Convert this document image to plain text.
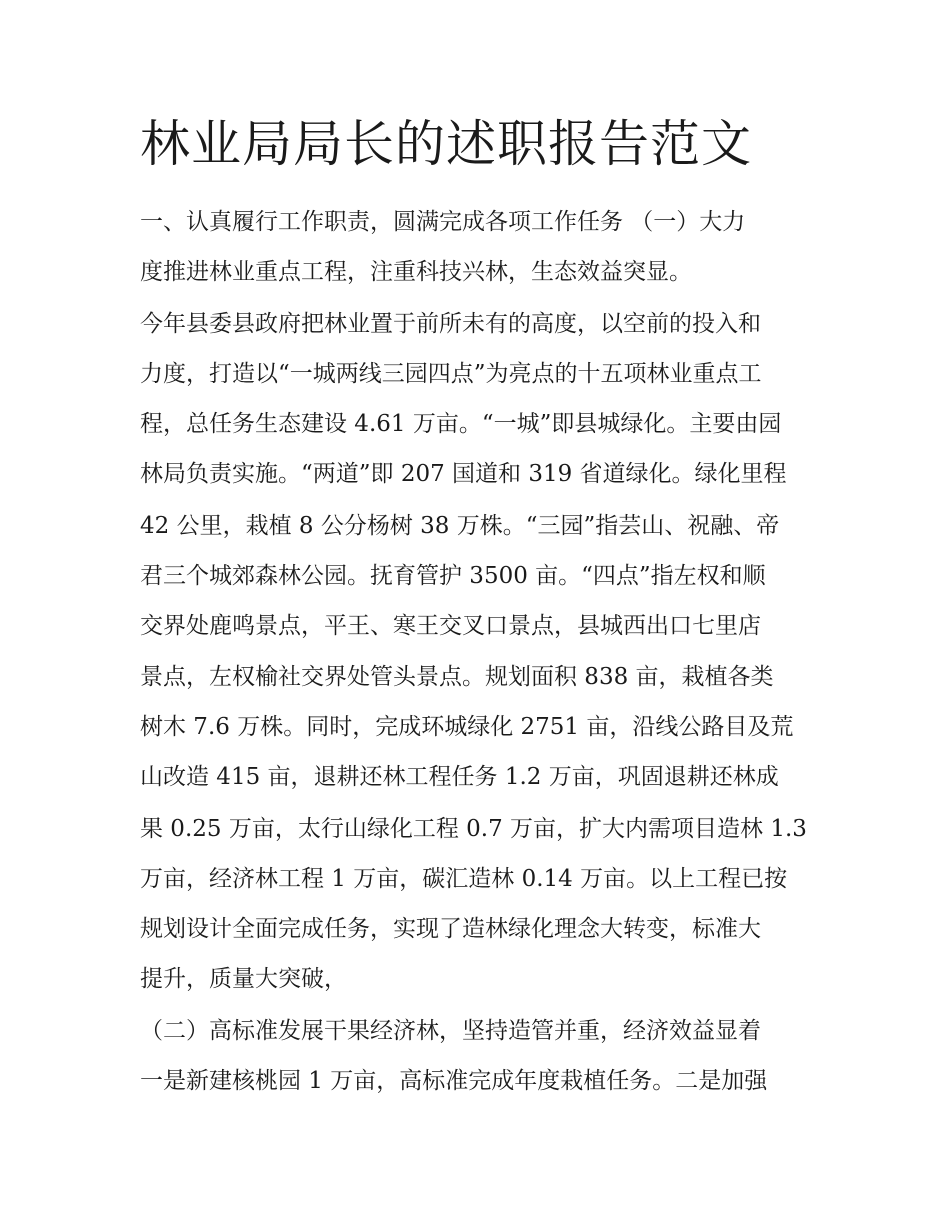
林业局局长的述职报告范文

一、认真履行工作职责，圆满完成各项工作任务 （一）大力

度推进林业重点工程，注重科技兴林，生态效益突显。

今年县委县政府把林业置于前所未有的高度，以空前的投入和

力度，打造以“一城两线三园四点”为亮点的十五项林业重点工

程，总任务生态建设 4.61 万亩。“一城”即县城绿化。主要由园

林局负责实施。“两道”即 207 国道和 319 省道绿化。绿化里程

42 公里，栽植 8 公分杨树 38 万株。“三园”指芸山、祝融、帝

君三个城郊森林公园。抚育管护 3500 亩。“四点”指左权和顺

交界处鹿鸣景点，平王、寒王交叉口景点，县城西出口七里店

景点，左权榆社交界处管头景点。规划面积 838 亩，栽植各类

树木 7.6 万株。同时，完成环城绿化 2751 亩，沿线公路目及荒

山改造 415 亩，退耕还林工程任务 1.2 万亩，巩固退耕还林成

果 0.25 万亩，太行山绿化工程 0.7 万亩，扩大内需项目造林 1.3

万亩，经济林工程 1 万亩，碳汇造林 0.14 万亩。以上工程已按

规划设计全面完成任务，实现了造林绿化理念大转变，标准大

提升，质量大突破，

（二）高标准发展干果经济林，坚持造管并重，经济效益显着

一是新建核桃园 1 万亩，高标准完成年度栽植任务。二是加强
